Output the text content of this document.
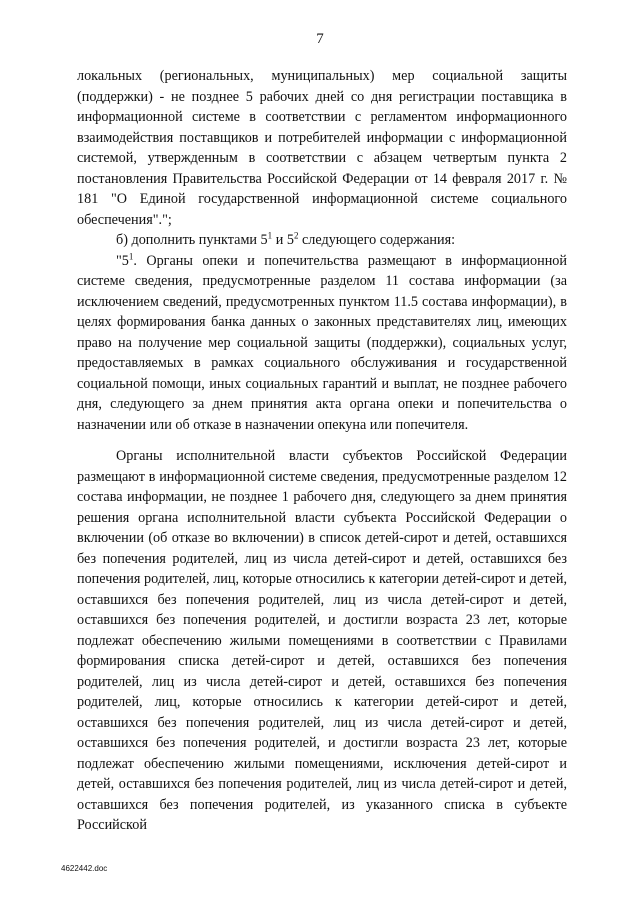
7

локальных (региональных, муниципальных) мер социальной защиты (поддержки) - не позднее 5 рабочих дней со дня регистрации поставщика в информационной системе в соответствии с регламентом информационного взаимодействия поставщиков и потребителей информации с информационной системой, утвержденным в соответствии с абзацем четвертым пункта 2 постановления Правительства Российской Федерации от 14 февраля 2017 г. № 181 "О Единой государственной информационной системе социального обеспечения".";

б) дополнить пунктами $5^1$ и $5^2$ следующего содержания:

"$5^1$. Органы опеки и попечительства размещают в информационной системе сведения, предусмотренные разделом 11 состава информации (за исключением сведений, предусмотренных пунктом 11.5 состава информации), в целях формирования банка данных о законных представителях лиц, имеющих право на получение мер социальной защиты (поддержки), социальных услуг, предоставляемых в рамках социального обслуживания и государственной социальной помощи, иных социальных гарантий и выплат, не позднее рабочего дня, следующего за днем принятия акта органа опеки и попечительства о назначении или об отказе в назначении опекуна или попечителя.

Органы исполнительной власти субъектов Российской Федерации размещают в информационной системе сведения, предусмотренные разделом 12 состава информации, не позднее 1 рабочего дня, следующего за днем принятия решения органа исполнительной власти субъекта Российской Федерации о включении (об отказе во включении) в список детей-сирот и детей, оставшихся без попечения родителей, лиц из числа детей-сирот и детей, оставшихся без попечения родителей, лиц, которые относились к категории детей-сирот и детей, оставшихся без попечения родителей, лиц из числа детей-сирот и детей, оставшихся без попечения родителей, и достигли возраста 23 лет, которые подлежат обеспечению жилыми помещениями в соответствии с Правилами формирования списка детей-сирот и детей, оставшихся без попечения родителей, лиц из числа детей-сирот и детей, оставшихся без попечения родителей, лиц, которые относились к категории детей-сирот и детей, оставшихся без попечения родителей, лиц из числа детей-сирот и детей, оставшихся без попечения родителей, и достигли возраста 23 лет, которые подлежат обеспечению жилыми помещениями, исключения детей-сирот и детей, оставшихся без попечения родителей, лиц из числа детей-сирот и детей, оставшихся без попечения родителей, из указанного списка в субъекте Российской

4622442.doc
